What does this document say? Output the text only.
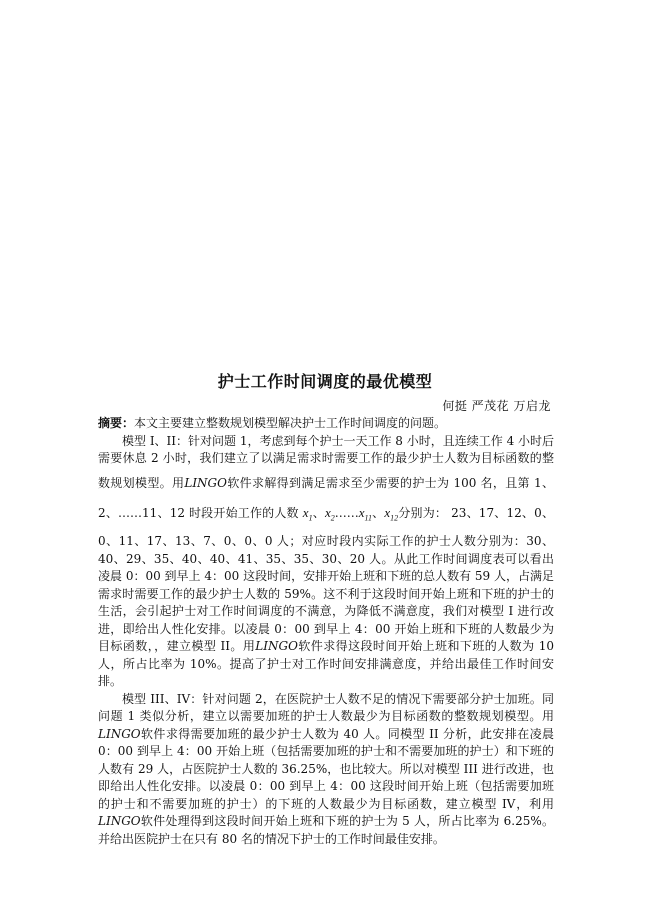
护士工作时间调度的最优模型
何挺 严茂花 万启龙

摘要：本文主要建立整数规划模型解决护士工作时间调度的问题。

模型 I、II：针对问题 1，考虑到每个护士一天工作 8 小时，且连续工作 4 小时后需要休息 2 小时，我们建立了以满足需求时需要工作的最少护士人数为目标函数的整数规划模型。用LINGO软件求解得到满足需求至少需要的护士为 100 名，且第 1、2、……11、12 时段开始工作的人数 $x_1$、$x_2\dots\dots x_{11}$、$x_{12}$分别为： 23、17、12、0、0、11、17、13、7、0、0、0 人；对应时段内实际工作的护士人数分别为：30、40、29、35、40、40、41、35、35、30、20 人。从此工作时间调度表可以看出凌晨 0：00 到早上 4：00 这段时间，安排开始上班和下班的总人数有 59 人，占满足需求时需要工作的最少护士人数的 59%。这不利于这段时间开始上班和下班的护士的生活，会引起护士对工作时间调度的不满意，为降低不满意度，我们对模型 I 进行改进，即给出人性化安排。以凌晨 0：00 到早上 4：00 开始上班和下班的人数最少为目标函数，，建立模型 II。用LINGO软件求得这段时间开始上班和下班的人数为 10 人，所占比率为 10%。提高了护士对工作时间安排满意度，并给出最佳工作时间安排。

模型 III、IV：针对问题 2，在医院护士人数不足的情况下需要部分护士加班。同问题 1 类似分析，建立以需要加班的护士人数最少为目标函数的整数规划模型。用LINGO软件求得需要加班的最少护士人数为 40 人。同模型 II 分析，此安排在凌晨 0：00 到早上 4：00 开始上班（包括需要加班的护士和不需要加班的护士）和下班的人数有 29 人，占医院护士人数的 36.25%，也比较大。所以对模型 III 进行改进，也即给出人性化安排。以凌晨 0：00 到早上 4：00 这段时间开始上班（包括需要加班的护士和不需要加班的护士）的下班的人数最少为目标函数，建立模型 IV，利用LINGO软件处理得到这段时间开始上班和下班的护士为 5 人，所占比率为 6.25%。并给出医院护士在只有 80 名的情况下护士的工作时间最佳安排。
